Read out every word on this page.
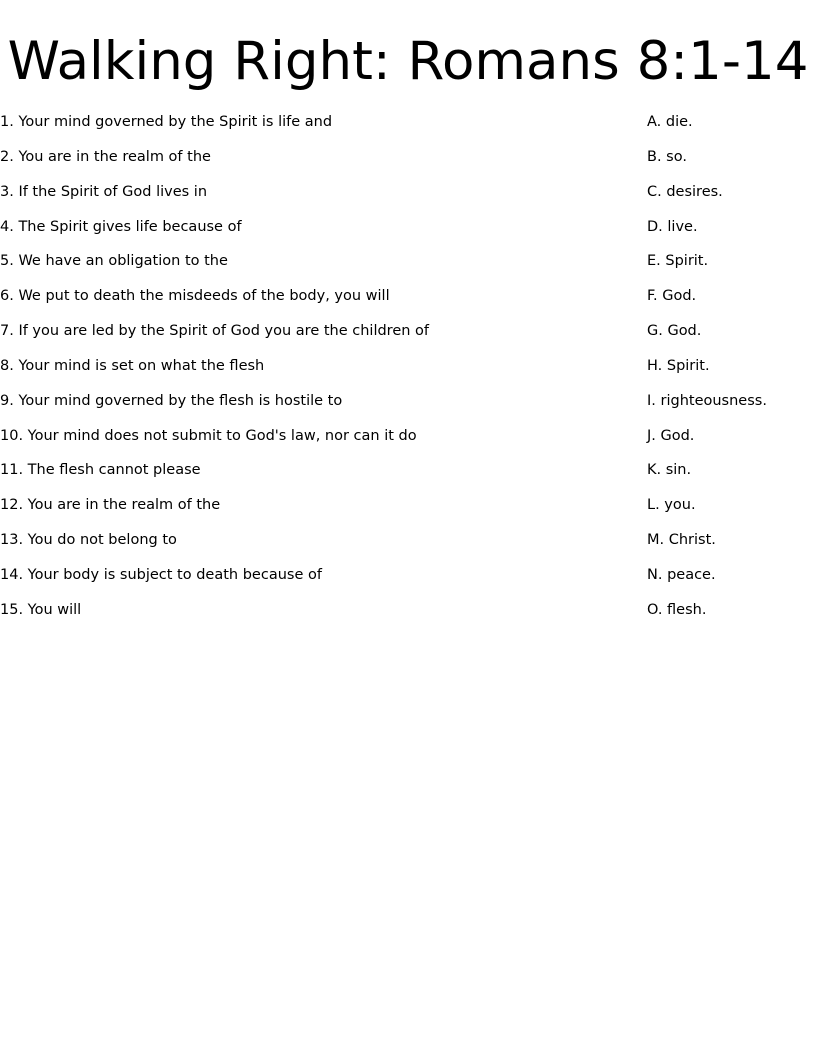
Walking Right: Romans 8:1-14
1. Your mind governed by the Spirit is life and	A. die.
2. You are in the realm of the	B. so.
3. If the Spirit of God lives in	C. desires.
4. The Spirit gives life because of	D. live.
5. We have an obligation to the	E. Spirit.
6. We put to death the misdeeds of the body, you will	F. God.
7. If you are led by the Spirit of God you are the children of	G. God.
8. Your mind is set on what the flesh	H. Spirit.
9. Your mind governed by the flesh is hostile to	I. righteousness.
10. Your mind does not submit to God's law, nor can it do	J. God.
11. The flesh cannot please	K. sin.
12. You are in the realm of the	L. you.
13. You do not belong to	M. Christ.
14. Your body is subject to death because of	N. peace.
15. You will	O. flesh.
